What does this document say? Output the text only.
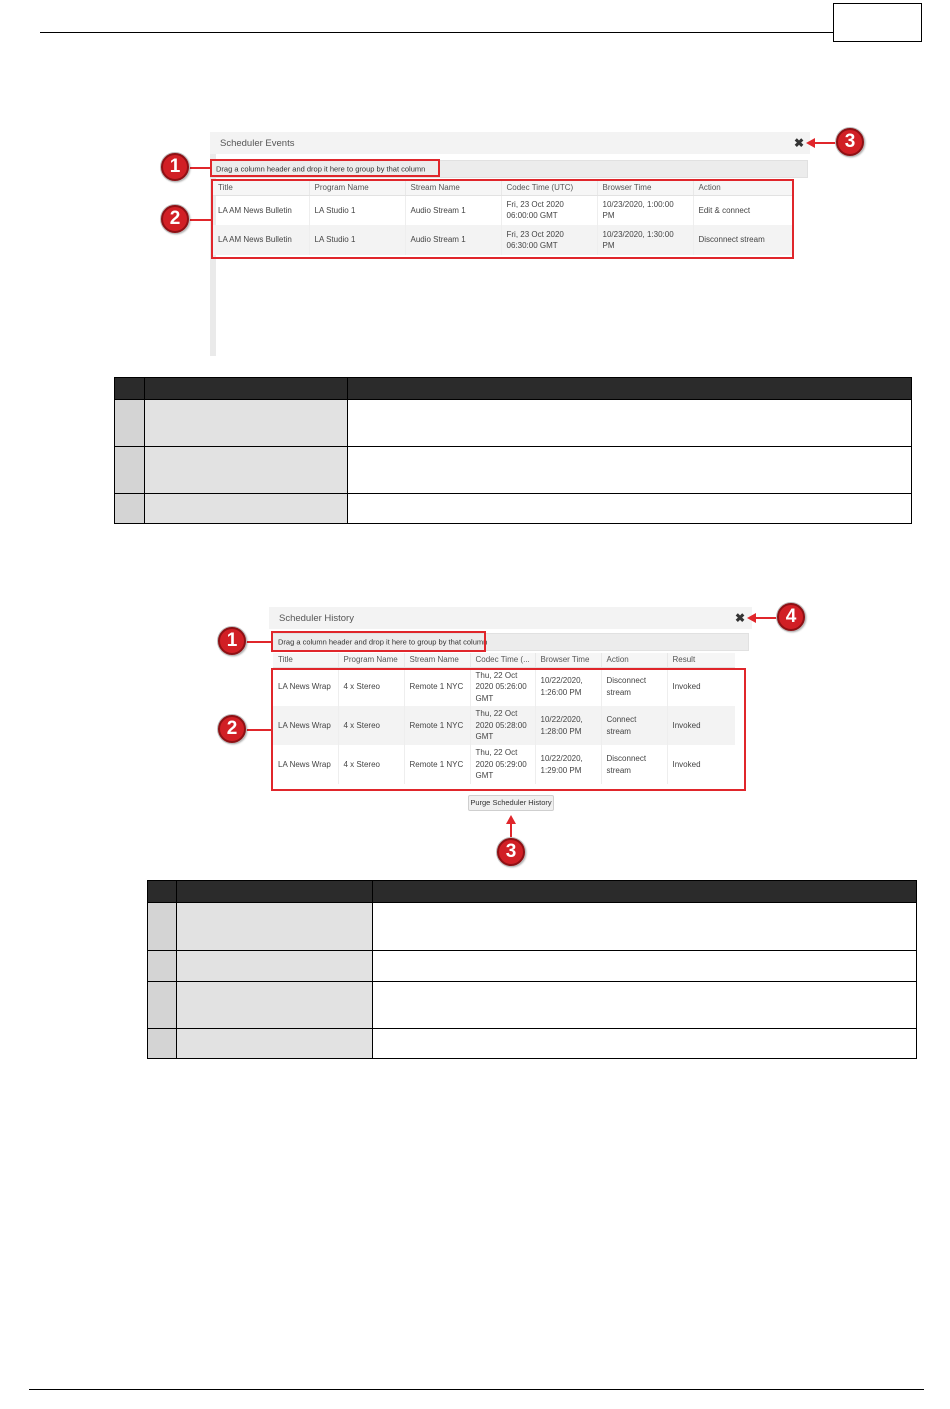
Scheduler Events
Drag a column header and drop it here to group by that column
Title	Program Name	Stream Name	Codec Time (UTC)	Browser Time	Action
LA AM News Bulletin	LA Studio 1	Audio Stream 1	Fri, 23 Oct 2020 06:00:00 GMT	10/23/2020, 1:00:00 PM	Edit & connect
LA AM News Bulletin	LA Studio 1	Audio Stream 1	Fri, 23 Oct 2020 06:30:00 GMT	10/23/2020, 1:30:00 PM	Disconnect stream
✖
1
2
3

Scheduler History
Drag a column header and drop it here to group by that column
Title	Program Name	Stream Name	Codec Time (...	Browser Time	Action	Result
LA News Wrap	4 x Stereo	Remote 1 NYC	Thu, 22 Oct 2020 05:26:00 GMT	10/22/2020, 1:26:00 PM	Disconnect stream	Invoked
LA News Wrap	4 x Stereo	Remote 1 NYC	Thu, 22 Oct 2020 05:28:00 GMT	10/22/2020, 1:28:00 PM	Connect stream	Invoked
LA News Wrap	4 x Stereo	Remote 1 NYC	Thu, 22 Oct 2020 05:29:00 GMT	10/22/2020, 1:29:00 PM	Disconnect stream	Invoked
✖
Purge Scheduler History
1
2
3
4
